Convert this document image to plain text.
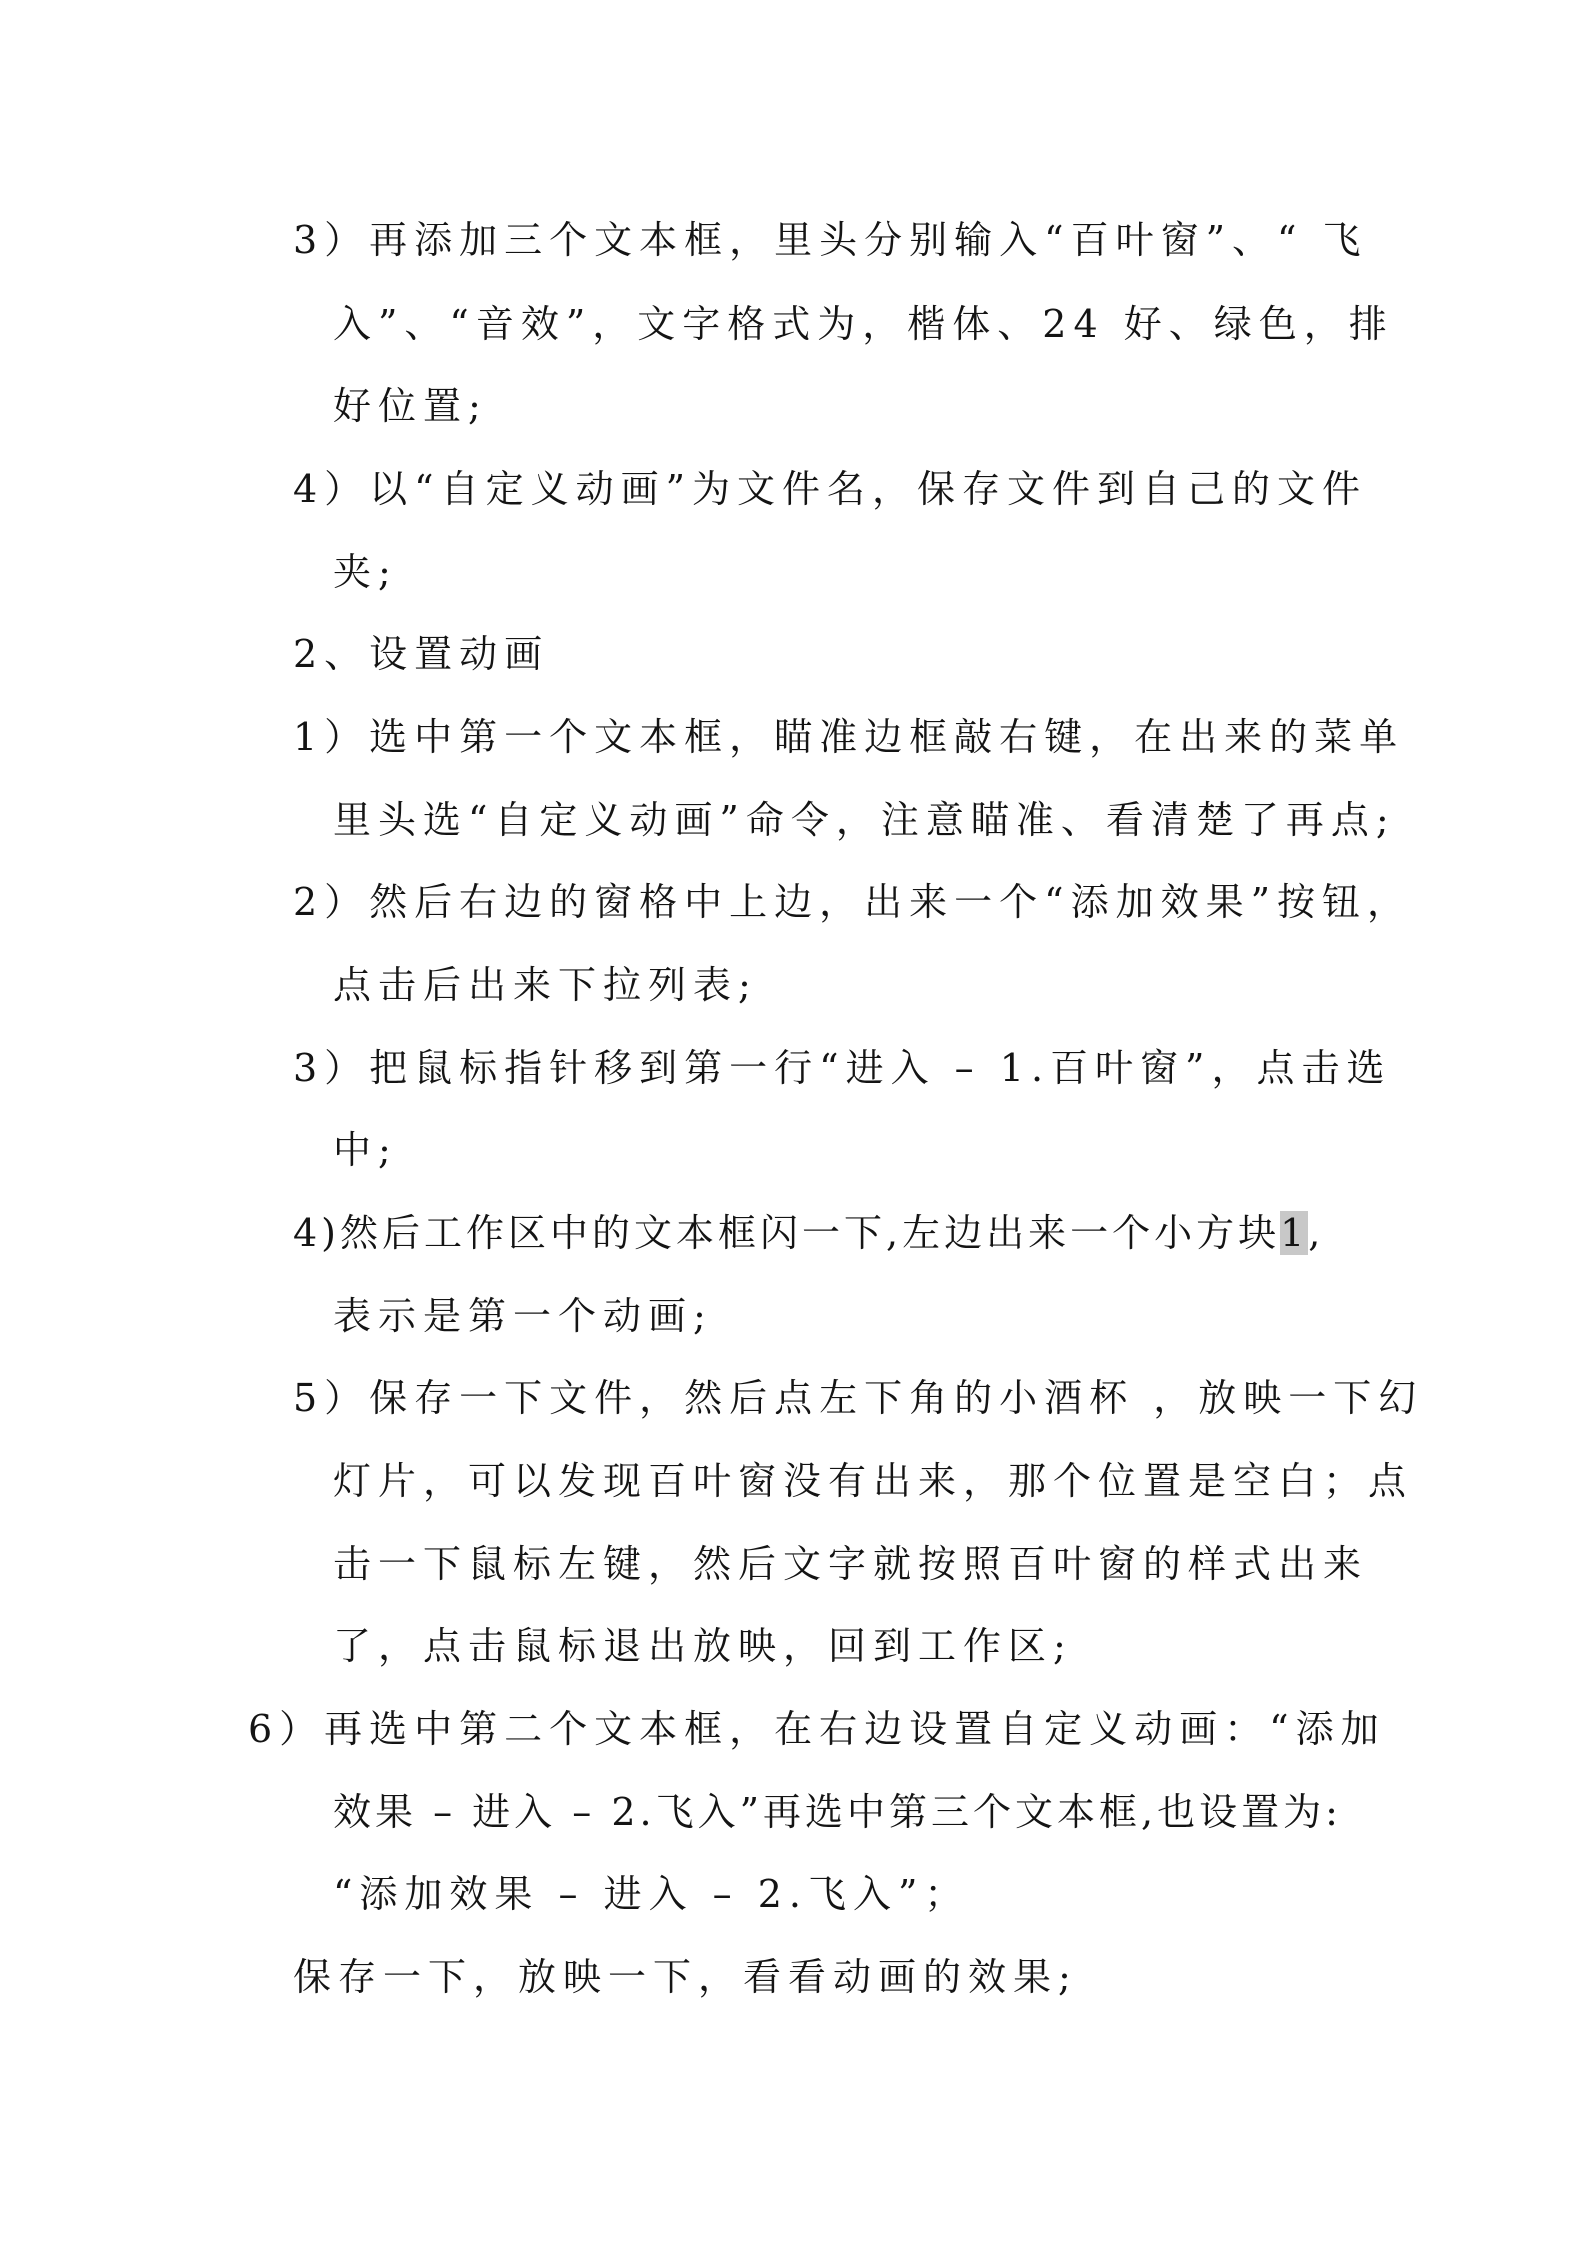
3）再添加三个文本框，里头分别输入“百叶窗”、“ 飞
入”、“音效”，文字格式为，楷体、24 好、绿色，排
好位置;
4）以“自定义动画”为文件名，保存文件到自己的文件
夹;
2、设置动画
1）选中第一个文本框，瞄准边框敲右键，在出来的菜单
里头选“自定义动画”命令，注意瞄准、看清楚了再点;
2）然后右边的窗格中上边，出来一个“添加效果”按钮，
点击后出来下拉列表;
3）把鼠标指针移到第一行“进入 – 1.百叶窗”，点击选
中;
4)然后工作区中的文本框闪一下,左边出来一个小方块1,
表示是第一个动画;
5）保存一下文件，然后点左下角的小酒杯 ，放映一下幻
灯片，可以发现百叶窗没有出来，那个位置是空白；点
击一下鼠标左键，然后文字就按照百叶窗的样式出来
了，点击鼠标退出放映，回到工作区;
6）再选中第二个文本框，在右边设置自定义动画：“添加
效果 – 进入 – 2.飞入”再选中第三个文本框,也设置为:
“添加效果 – 进入 – 2.飞入”；
保存一下，放映一下，看看动画的效果;
